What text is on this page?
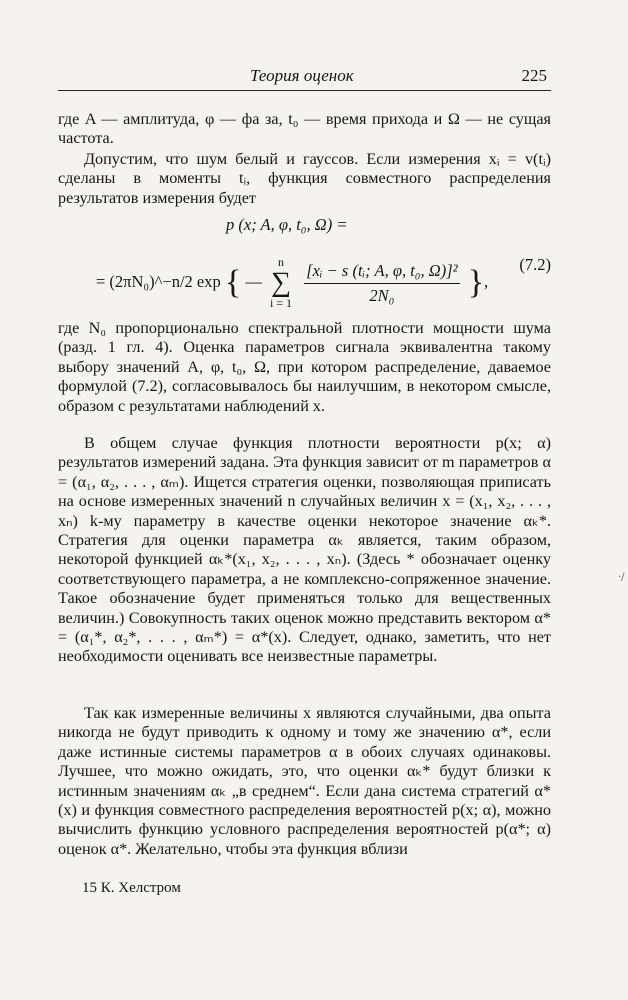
Теория оценок	225

где A — амплитуда, φ — фа за, t₀ — время прихода и Ω — не сущая частота.

Допустим, что шум белый и гауссов. Если измерения xᵢ = v(tᵢ) сделаны в моменты tᵢ, функция совместного распределения результатов измерения будет

p (x; A, φ, t₀, Ω) =
= (2πN₀)^−n/2 exp { — n
∑
$i = 1 \frac{\text{[xᵢ − s (tᵢ; A, φ, t₀, Ω)]²}}{\text{2N₀}}$ },
(7.2)

где N₀ пропорционально спектральной плотности мощности шума (разд. 1 гл. 4). Оценка параметров сигнала эквивалентна такому выбору значений A, φ, t₀, Ω, при котором распределение, даваемое формулой (7.2), согласовывалось бы наилучшим, в некотором смысле, образом с результатами наблюдений x.

В общем случае функция плотности вероятности p(x; α) результатов измерений задана. Эта функция зависит от m параметров α = (α₁, α₂, . . . , αₘ). Ищется стратегия оценки, позволяющая приписать на основе измеренных значений n случайных величин x = (x₁, x₂, . . . , xₙ) k-му параметру в качестве оценки некоторое значение αₖ*. Стратегия для оценки параметра αₖ является, таким образом, некоторой функцией αₖ*(x₁, x₂, . . . , xₙ). (Здесь * обозначает оценку соответствующего параметра, а не комплексно-сопряженное значение. Такое обозначение будет применяться только для вещественных величин.) Совокупность таких оценок можно представить вектором α* = (α₁*, α₂*, . . . , αₘ*) = α*(x). Следует, однако, заметить, что нет необходимости оценивать все неизвестные параметры.

Так как измеренные величины x являются случайными, два опыта никогда не будут приводить к одному и тому же значению α*, если даже истинные системы параметров α в обоих случаях одинаковы. Лучшее, что можно ожидать, это, что оценки αₖ* будут близки к истинным значениям αₖ „в среднем“. Если дана система стратегий α*(x) и функция совместного распределения вероятностей p(x; α), можно вычислить функцию условного распределения вероятностей p(α*; α) оценок α*. Желательно, чтобы эта функция вблизи

15 К. Хелстром
·/
